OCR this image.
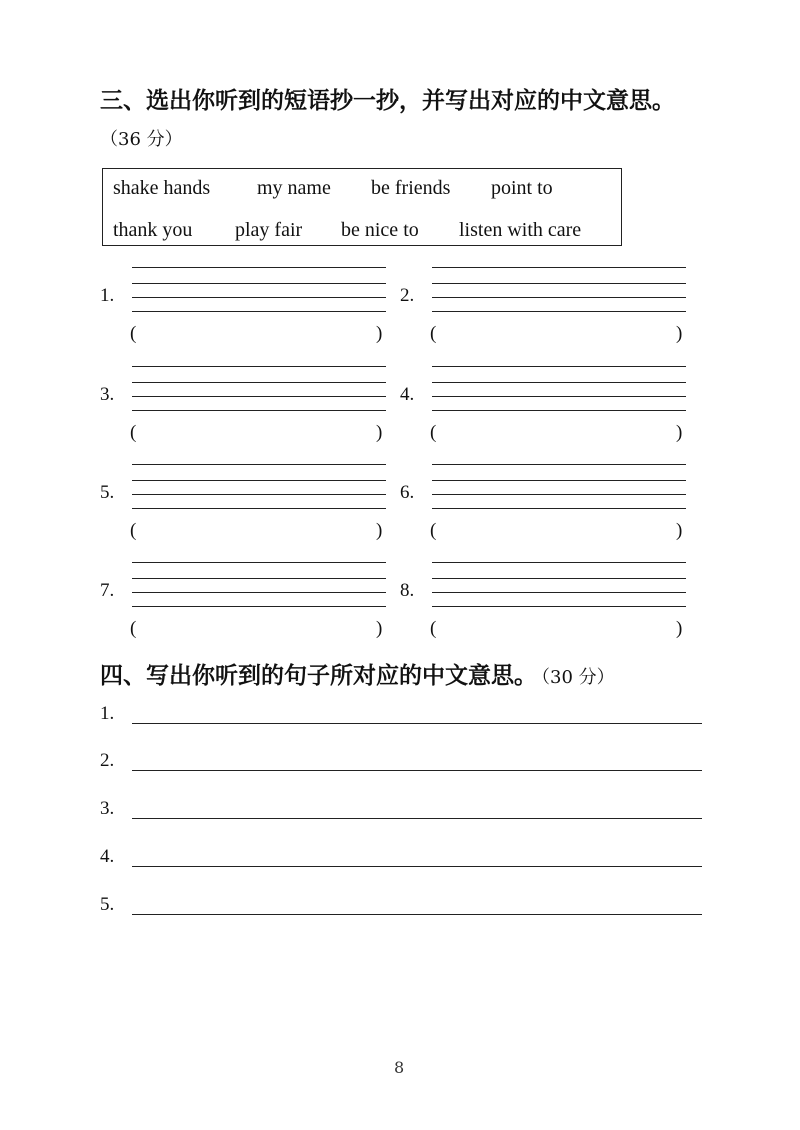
三、选出你听到的短语抄一抄，并写出对应的中文意思。
（36 分）
shake hands my name be friends point to
thank you play fair be nice to listen with care
1.
(	)
2.
(	)
3.
(	)
4.
(	)
5.
(	)
6.
(	)
7.
(	)
8.
(	)
四、写出你听到的句子所对应的中文意思。 （30 分）
1.
2.
3.
4.
5.
8
